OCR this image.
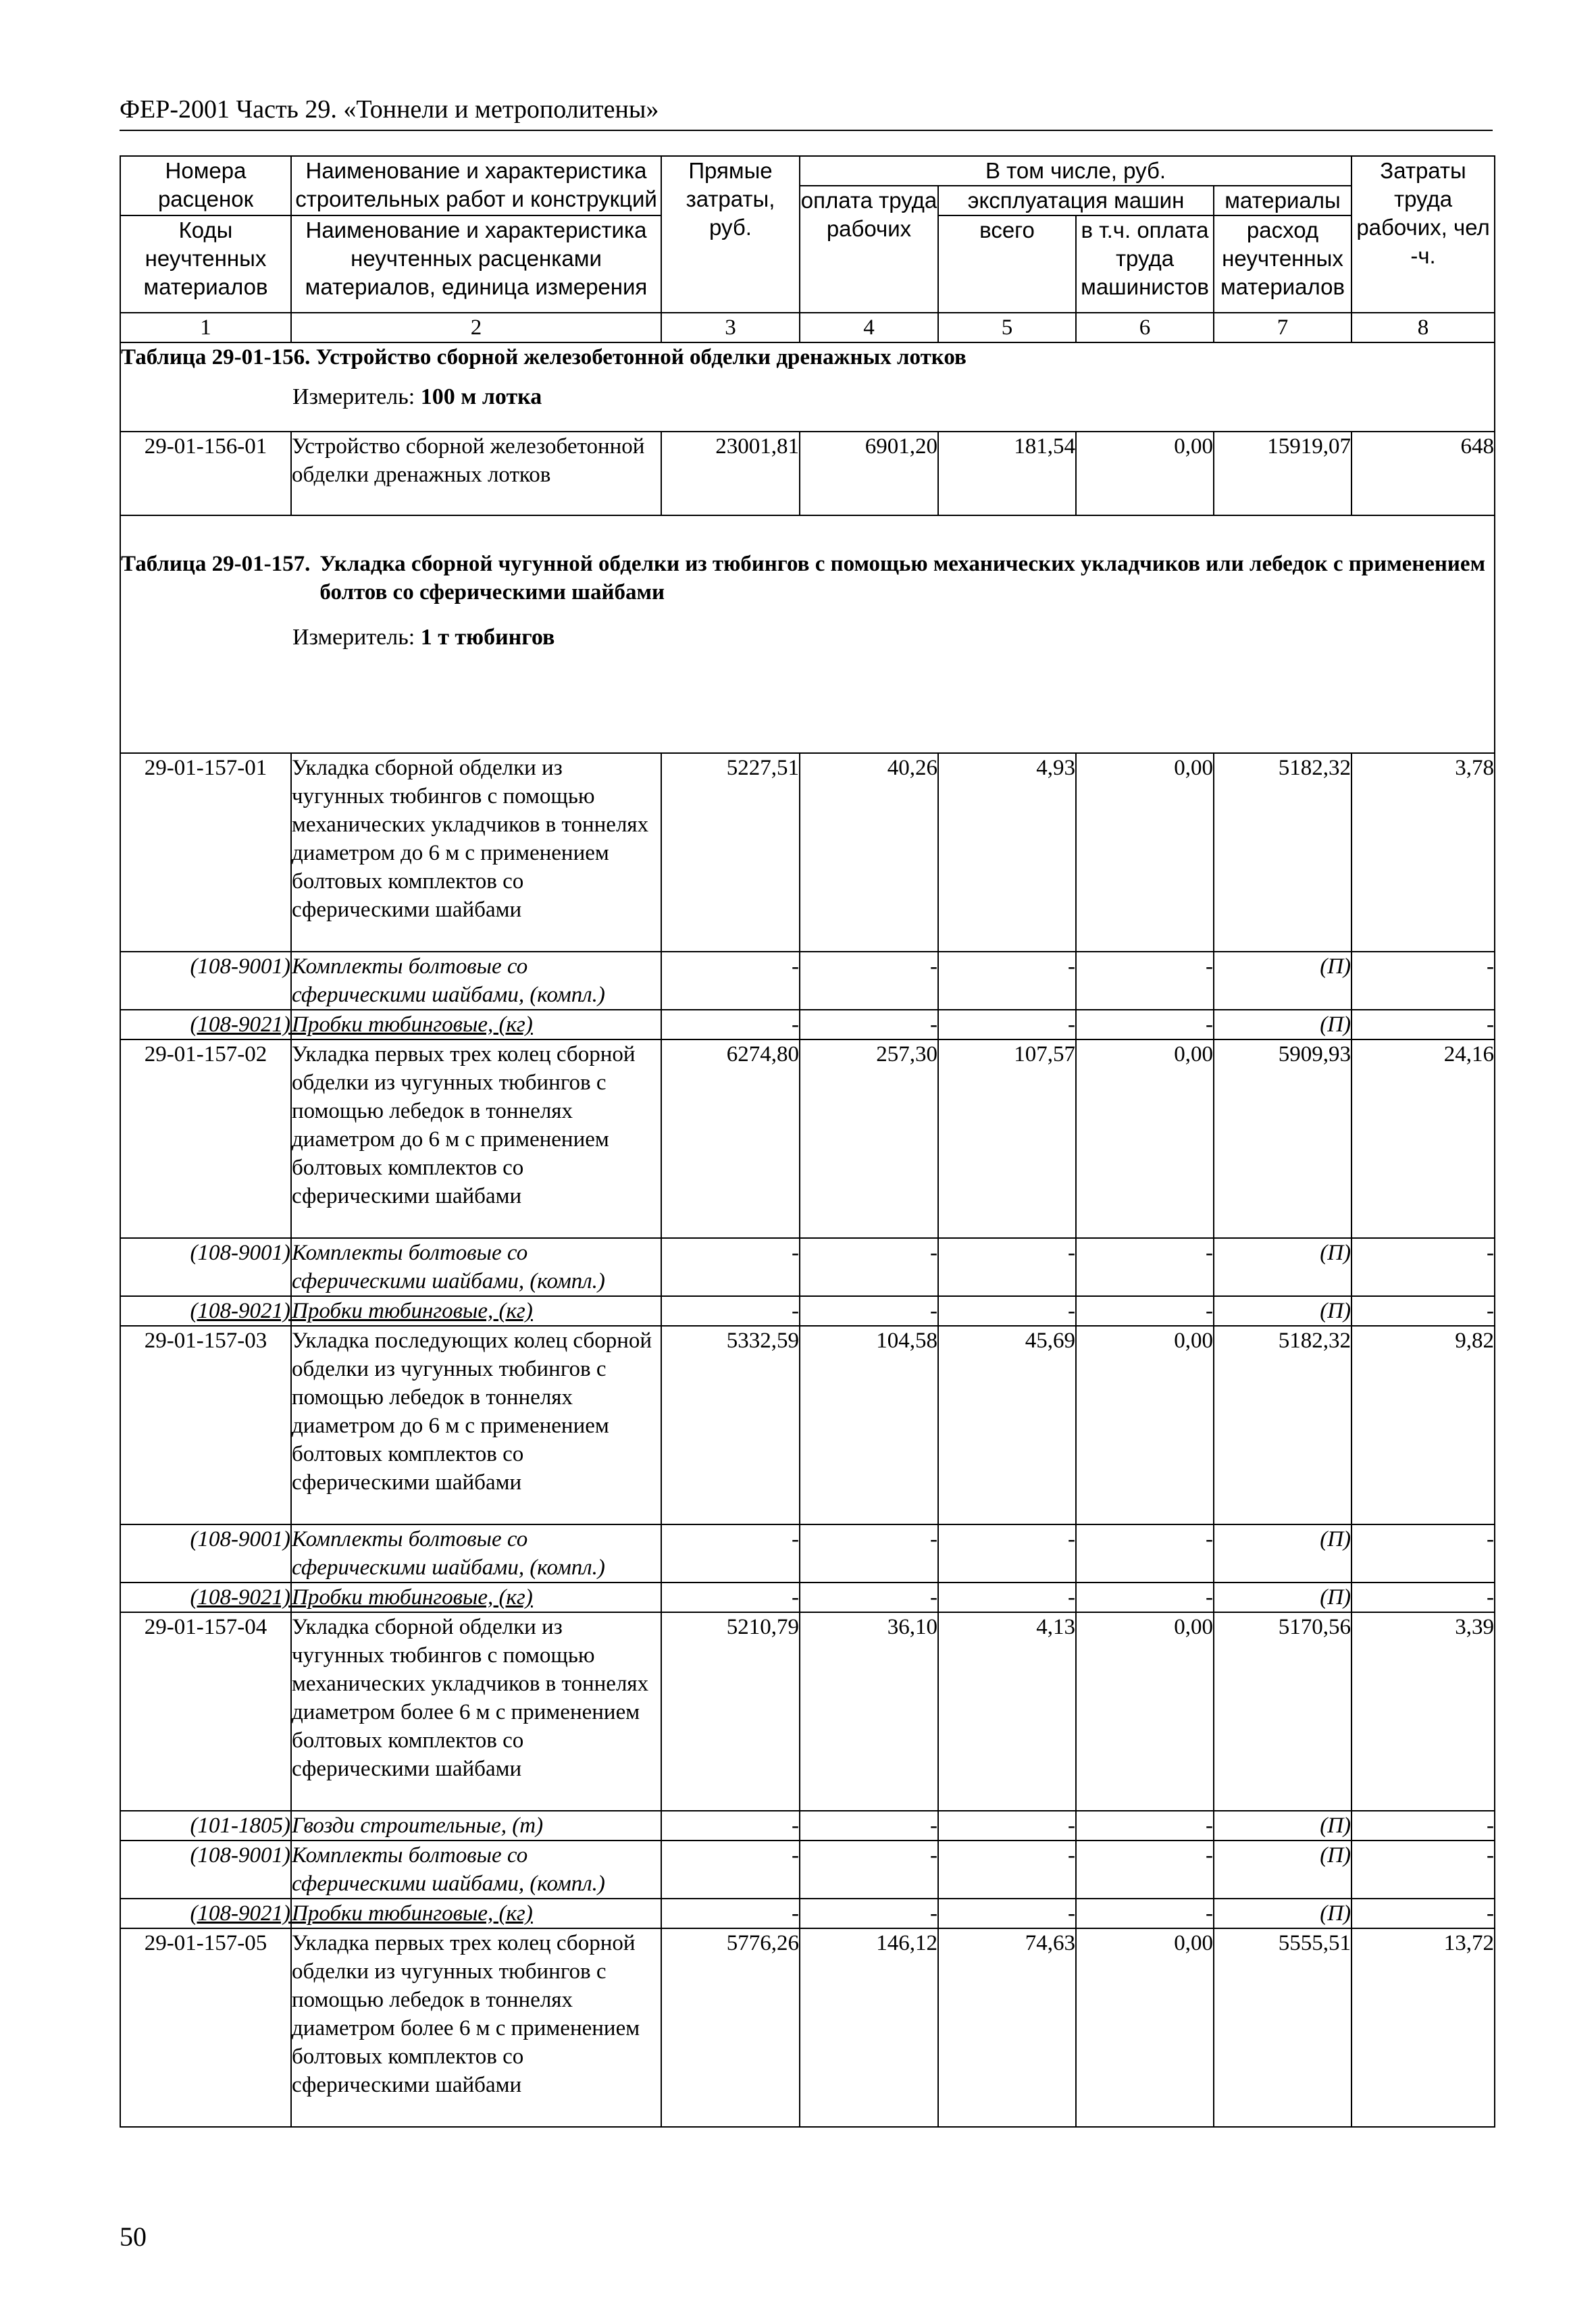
ФЕР-2001 Часть 29. «Тоннели и метрополитены»
Номера расценок	Наименование и характеристика строительных работ и конструкций	Прямые затраты, руб.	В том числе, руб.				Затраты труда рабочих, чел -ч.
			оплата труда рабочих	эксплуатация машин		материалы	
Коды неучтенных материалов	Наименование и характеристика неучтенных расценками материалов, единица измерения			всего	в т.ч. оплата труда машинистов	расход неучтенных материалов	

1	2	3	4	5	6	7	8

Таблица 29-01-156. Устройство сборной железобетонной обделки дренажных лотков
Измеритель: 100 м лотка							

29-01-156-01	Устройство сборной железобетонной обделки дренажных лотков	23001,81	6901,20	181,54	0,00	15919,07	648

Таблица 29-01-157. Укладка сборной чугунной обделки из тюбингов с помощью механических укладчиков или лебедок с применением болтов со сферическими шайбами
Измеритель: 1 т тюбингов							

29-01-157-01	Укладка сборной обделки из чугунных тюбингов с помощью механических укладчиков в тоннелях диаметром до 6 м с применением болтовых комплектов со сферическими шайбами	5227,51	40,26	4,93	0,00	5182,32	3,78
(108-9001)	Комплекты болтовые со сферическими шайбами, (компл.)	-	-	-	-	(П)	-
(108-9021)	Пробки тюбинговые, (кг)	-	-	-	-	(П)	-
29-01-157-02	Укладка первых трех колец сборной обделки из чугунных тюбингов с помощью лебедок в тоннелях диаметром до 6 м с применением болтовых комплектов со сферическими шайбами	6274,80	257,30	107,57	0,00	5909,93	24,16
(108-9001)	Комплекты болтовые со сферическими шайбами, (компл.)	-	-	-	-	(П)	-
(108-9021)	Пробки тюбинговые, (кг)	-	-	-	-	(П)	-
29-01-157-03	Укладка последующих колец сборной обделки из чугунных тюбингов с помощью лебедок в тоннелях диаметром до 6 м с применением болтовых комплектов со сферическими шайбами	5332,59	104,58	45,69	0,00	5182,32	9,82
(108-9001)	Комплекты болтовые со сферическими шайбами, (компл.)	-	-	-	-	(П)	-
(108-9021)	Пробки тюбинговые, (кг)	-	-	-	-	(П)	-
29-01-157-04	Укладка сборной обделки из чугунных тюбингов с помощью механических укладчиков в тоннелях диаметром более 6 м с применением болтовых комплектов со сферическими шайбами	5210,79	36,10	4,13	0,00	5170,56	3,39
(101-1805)	Гвозди строительные, (т)	-	-	-	-	(П)	-
(108-9001)	Комплекты болтовые со сферическими шайбами, (компл.)	-	-	-	-	(П)	-
(108-9021)	Пробки тюбинговые, (кг)	-	-	-	-	(П)	-
29-01-157-05	Укладка первых трех колец сборной обделки из чугунных тюбингов с помощью лебедок в тоннелях диаметром более 6 м с применением болтовых комплектов со сферическими шайбами	5776,26	146,12	74,63	0,00	5555,51	13,72
50
